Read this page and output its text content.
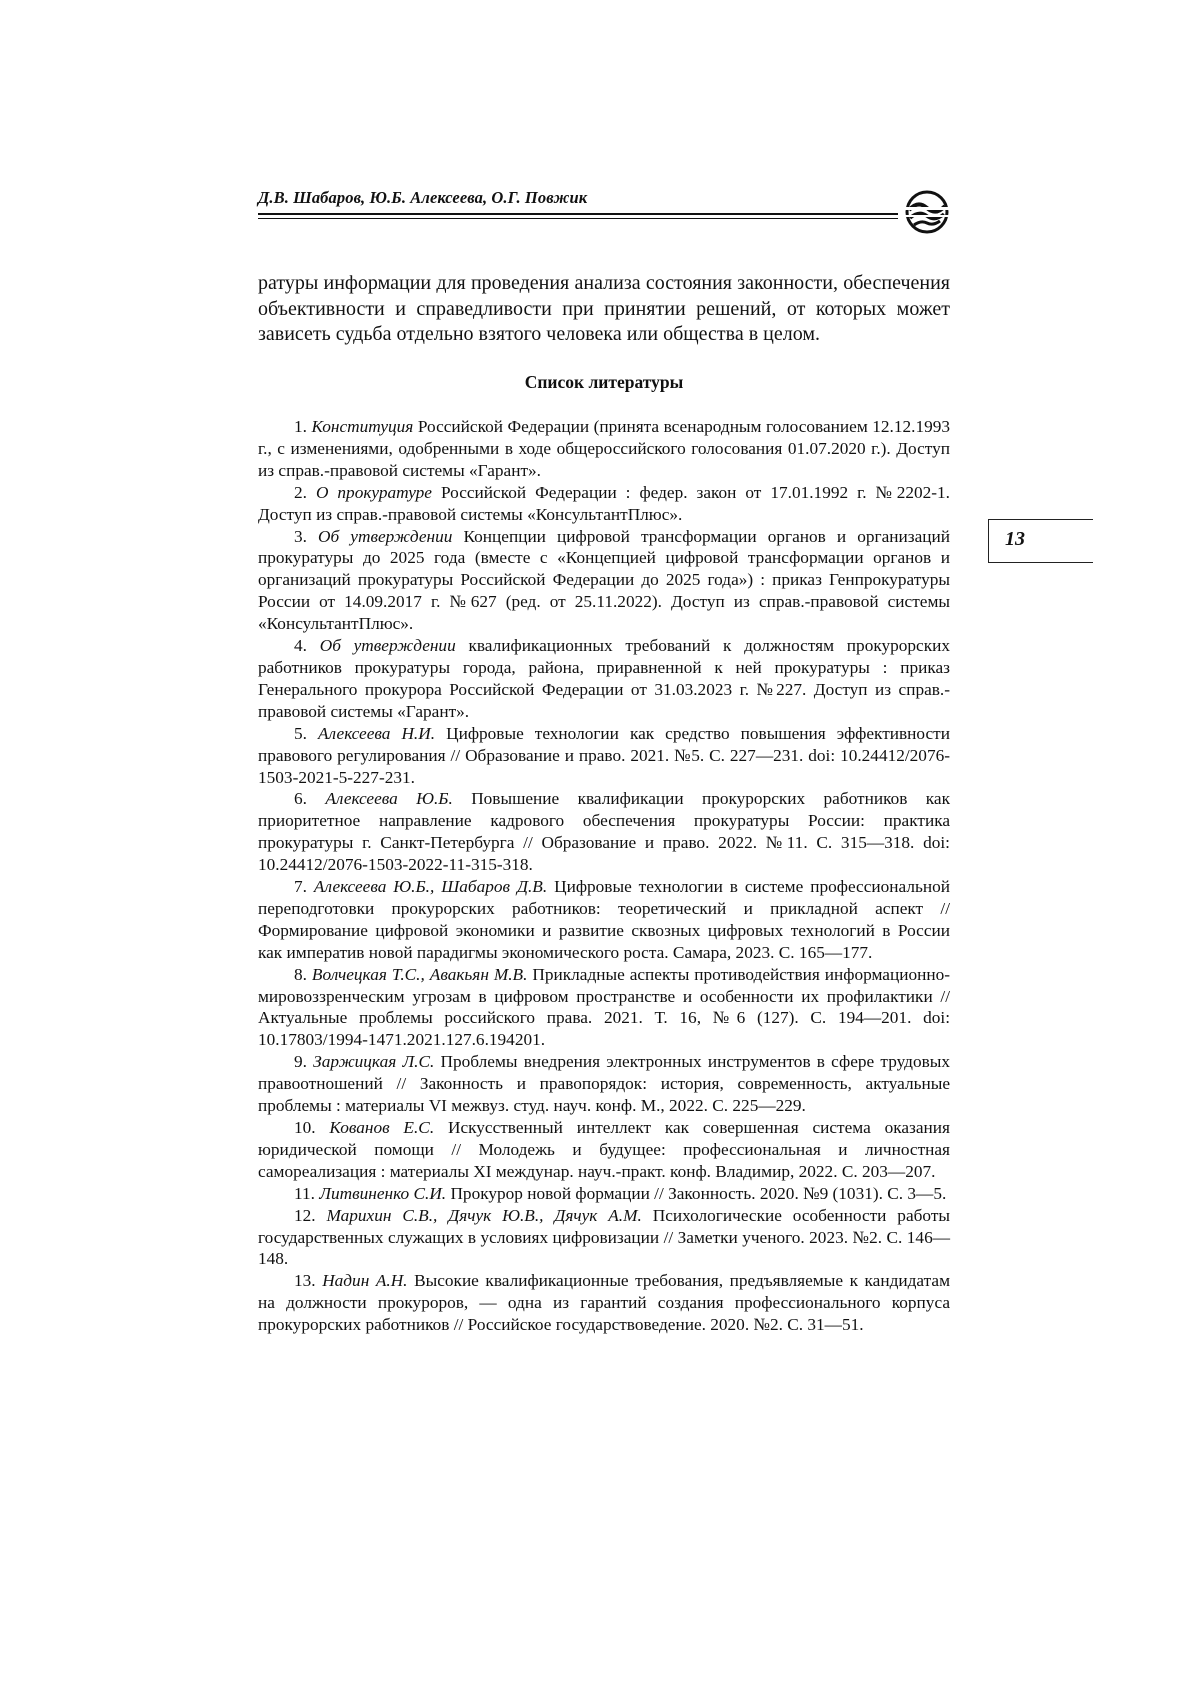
Д.В. Шабаров, Ю.Б. Алексеева, О.Г. Повжик
13

ратуры информации для проведения анализа состояния законности, обеспечения объективности и справедливости при принятии решений, от которых может зависеть судьба отдельно взятого человека или общества в целом.

Список литературы
1. Конституция Российской Федерации (принята всенародным голосованием 12.12.1993 г., с изменениями, одобренными в ходе общероссийского голосования 01.07.2020 г.). Доступ из справ.-правовой системы «Гарант».
2. О прокуратуре Российской Федерации : федер. закон от 17.01.1992 г. №2202-1. Доступ из справ.-правовой системы «КонсультантПлюс».
3. Об утверждении Концепции цифровой трансформации органов и организаций прокуратуры до 2025 года (вместе с «Концепцией цифровой трансформации органов и организаций прокуратуры Российской Федерации до 2025 года») : приказ Генпрокуратуры России от 14.09.2017 г. №627 (ред. от 25.11.2022). Доступ из справ.-правовой системы «КонсультантПлюс».
4. Об утверждении квалификационных требований к должностям прокурорских работников прокуратуры города, района, приравненной к ней прокуратуры : приказ Генерального прокурора Российской Федерации от 31.03.2023 г. №227. Доступ из справ.-правовой системы «Гарант».
5. Алексеева Н.И. Цифровые технологии как средство повышения эффективности правового регулирования // Образование и право. 2021. №5. С. 227—231. doi: 10.24412/2076-1503-2021-5-227-231.
6. Алексеева Ю.Б. Повышение квалификации прокурорских работников как приоритетное направление кадрового обеспечения прокуратуры России: практика прокуратуры г. Санкт-Петербурга // Образование и право. 2022. №11. С. 315—318. doi: 10.24412/2076-1503-2022-11-315-318.
7. Алексеева Ю.Б., Шабаров Д.В. Цифровые технологии в системе профессиональной переподготовки прокурорских работников: теоретический и прикладной аспект // Формирование цифровой экономики и развитие сквозных цифровых технологий в России как императив новой парадигмы экономического роста. Самара, 2023. С. 165—177.
8. Волчецкая Т.С., Авакьян М.В. Прикладные аспекты противодействия информационно-мировоззренческим угрозам в цифровом пространстве и особенности их профилактики // Актуальные проблемы российского права. 2021. Т. 16, №6 (127). С. 194—201. doi: 10.17803/1994-1471.2021.127.6.194201.
9. Заржицкая Л.С. Проблемы внедрения электронных инструментов в сфере трудовых правоотношений // Законность и правопорядок: история, современность, актуальные проблемы : материалы VI межвуз. студ. науч. конф. М., 2022. С. 225—229.
10. Кованов Е.С. Искусственный интеллект как совершенная система оказания юридической помощи // Молодежь и будущее: профессиональная и личностная самореализация : материалы XI междунар. науч.-практ. конф. Владимир, 2022. С. 203—207.
11. Литвиненко С.И. Прокурор новой формации // Законность. 2020. №9 (1031). С. 3—5.
12. Марихин С.В., Дячук Ю.В., Дячук А.М. Психологические особенности работы государственных служащих в условиях цифровизации // Заметки ученого. 2023. №2. С. 146—148.
13. Надин А.Н. Высокие квалификационные требования, предъявляемые к кандидатам на должности прокуроров, — одна из гарантий создания профессионального корпуса прокурорских работников // Российское государствоведение. 2020. №2. С. 31—51.
